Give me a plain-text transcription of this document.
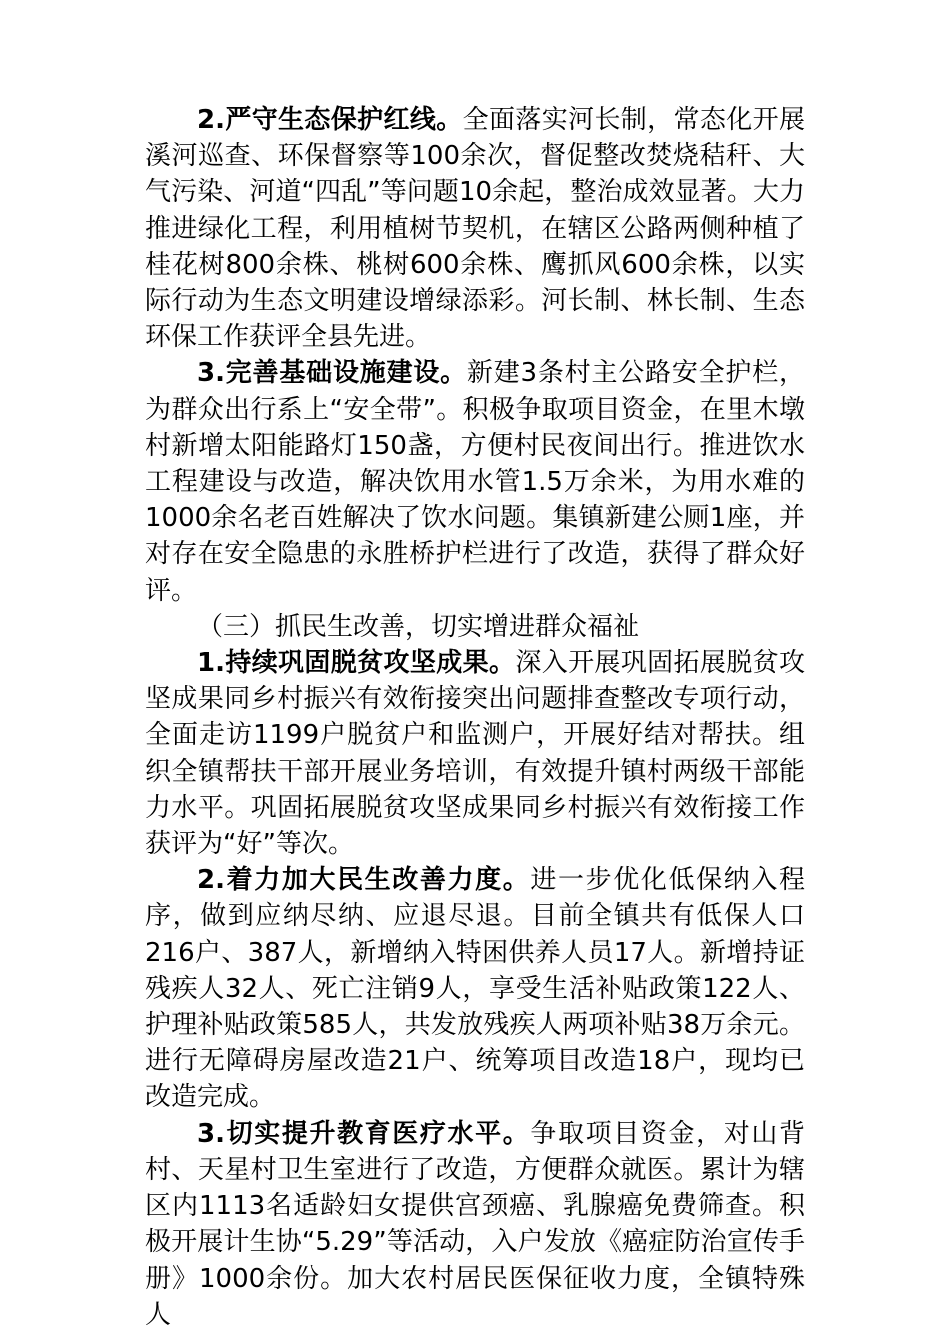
2.严守生态保护红线。全面落实河长制，常态化开展溪河巡查、环保督察等100余次，督促整改焚烧秸秆、大气污染、河道“四乱”等问题10余起，整治成效显著。大力推进绿化工程，利用植树节契机，在辖区公路两侧种植了桂花树800余株、桃树600余株、鹰抓风600余株，以实际行动为生态文明建设增绿添彩。河长制、林长制、生态环保工作获评全县先进。

3.完善基础设施建设。新建3条村主公路安全护栏，为群众出行系上“安全带”。积极争取项目资金，在里木墩村新增太阳能路灯150盏，方便村民夜间出行。推进饮水工程建设与改造，解决饮用水管1.5万余米，为用水难的1000余名老百姓解决了饮水问题。集镇新建公厕1座，并对存在安全隐患的永胜桥护栏进行了改造，获得了群众好评。

（三）抓民生改善，切实增进群众福祉

1.持续巩固脱贫攻坚成果。深入开展巩固拓展脱贫攻坚成果同乡村振兴有效衔接突出问题排查整改专项行动，全面走访1199户脱贫户和监测户，开展好结对帮扶。组织全镇帮扶干部开展业务培训，有效提升镇村两级干部能力水平。巩固拓展脱贫攻坚成果同乡村振兴有效衔接工作获评为“好”等次。

2.着力加大民生改善力度。进一步优化低保纳入程序，做到应纳尽纳、应退尽退。目前全镇共有低保人口216户、387人，新增纳入特困供养人员17人。新增持证残疾人32人、死亡注销9人，享受生活补贴政策122人、护理补贴政策585人，共发放残疾人两项补贴38万余元。进行无障碍房屋改造21户、统筹项目改造18户，现均已改造完成。

3.切实提升教育医疗水平。争取项目资金，对山背村、天星村卫生室进行了改造，方便群众就医。累计为辖区内1113名适龄妇女提供宫颈癌、乳腺癌免费筛查。积极开展计生协“5.29”等活动，入户发放《癌症防治宣传手册》1000余份。加大农村居民医保征收力度，全镇特殊人
